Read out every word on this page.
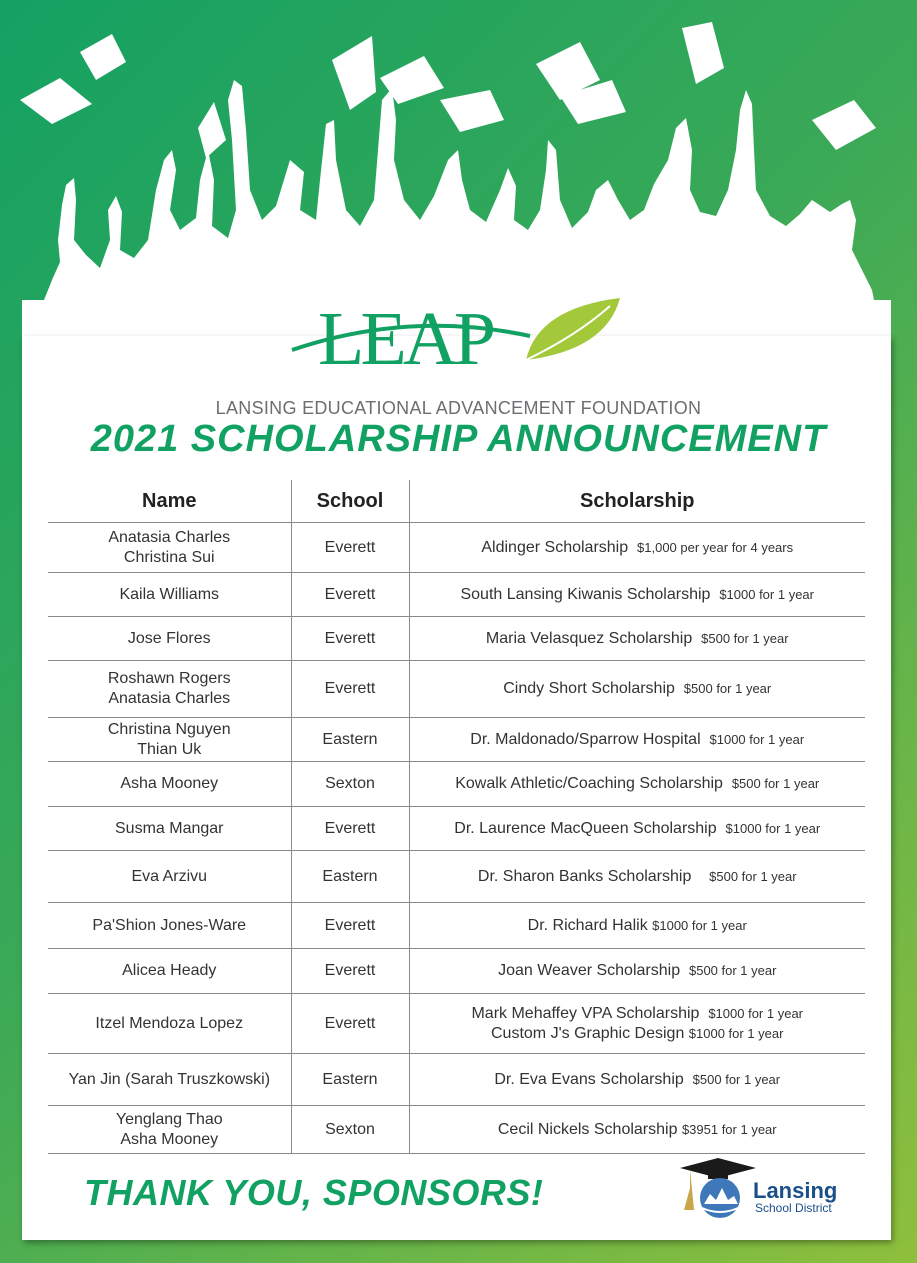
LEAP
LANSING EDUCATIONAL ADVANCEMENT FOUNDATION
2021 SCHOLARSHIP ANNOUNCEMENT
Name	School	Scholarship

Anatasia Charles
Christina Sui	Everett	Aldinger Scholarship $1,000 per year for 4 years

Kaila Williams	Everett	South Lansing Kiwanis Scholarship $1000 for 1 year

Jose Flores	Everett	Maria Velasquez Scholarship $500 for 1 year

Roshawn Rogers
Anatasia Charles	Everett	Cindy Short Scholarship $500 for 1 year

Christina Nguyen
Thian Uk	Eastern	Dr. Maldonado/Sparrow Hospital $1000 for 1 year

Asha Mooney	Sexton	Kowalk Athletic/Coaching Scholarship $500 for 1 year

Susma Mangar	Everett	Dr. Laurence MacQueen Scholarship $1000 for 1 year

Eva Arzivu	Eastern	Dr. Sharon Banks Scholarship $500 for 1 year

Pa'Shion Jones-Ware	Everett	Dr. Richard Halik $1000 for 1 year

Alicea Heady	Everett	Joan Weaver Scholarship $500 for 1 year

Itzel Mendoza Lopez	Everett	Mark Mehaffey VPA Scholarship $1000 for 1 year
Custom J's Graphic Design $1000 for 1 year

Yan Jin (Sarah Truszkowski)	Eastern	Dr. Eva Evans Scholarship $500 for 1 year

Yenglang Thao
Asha Mooney	Sexton	Cecil Nickels Scholarship $3951 for 1 year
THANK YOU, SPONSORS!	Lansing
School District
